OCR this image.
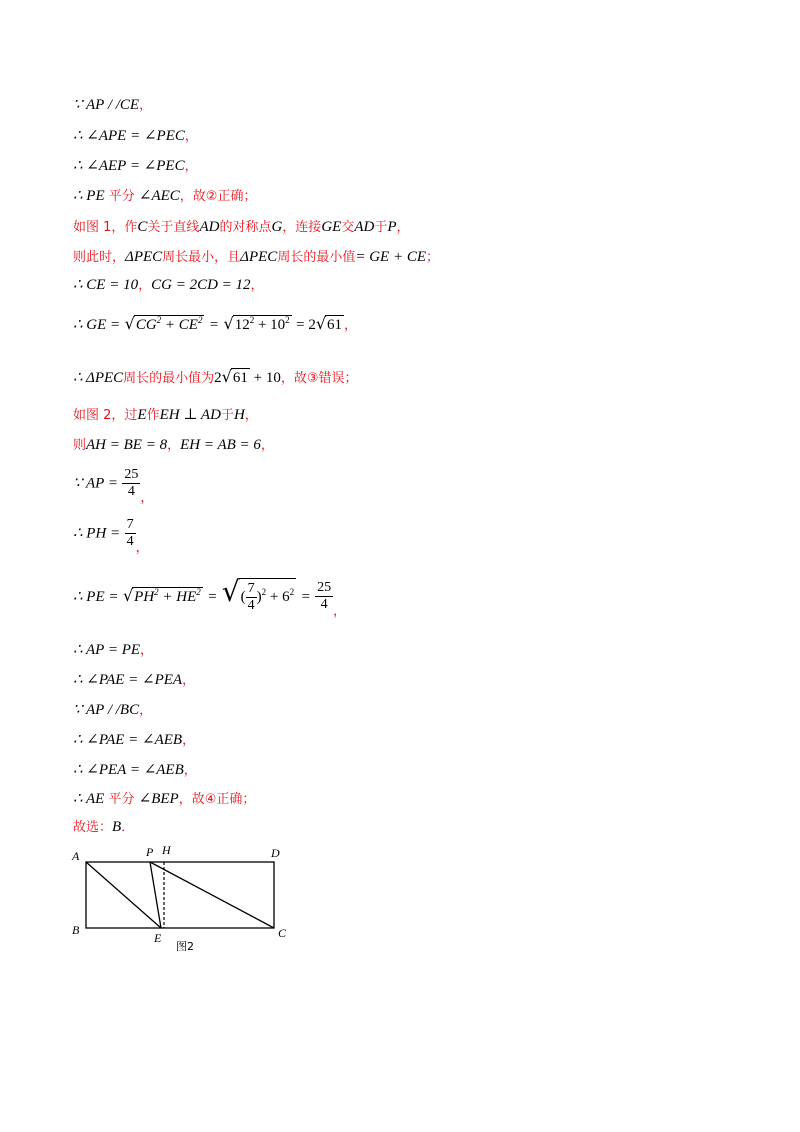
∵ AP / /CE，
∴ ∠APE = ∠PEC，
∴ ∠AEP = ∠PEC，
∴ PE 平分 ∠AEC，故②正确；
如图 1，作C关于直线AD的对称点G，连接GE交AD于P，
则此时，ΔPEC周长最小，且ΔPEC周长的最小值= GE + CE；
∴ CE = 10，CG = 2CD = 12，
∴ GE = $√CG^2 + CE^2 = √12^2 + 10^2 = 2√61$ ，
∴ ΔPEC周长的最小值为2√61 + 10，故③错误；
如图 2，过E作EH ⊥ AD于H，
则AH = BE = 8，EH = AB = 6，
∵ AP = $\frac{25}{4}$ ，
∴ PH = $\frac{7}{4}$ ，
∴ PE = $√PH^2 + HE^2$ = √( $\frac{7}{4} )^2 + 6^2 = \frac{25}{4}$ ，
∴ AP = PE，
∴ ∠PAE = ∠PEA，
∵ AP / /BC，
∴ ∠PAE = ∠AEB，
∴ ∠PEA = ∠AEB，
∴ AE 平分 ∠BEP，故④正确；
故选：B．
A
B	C
D
E
P H
图2
